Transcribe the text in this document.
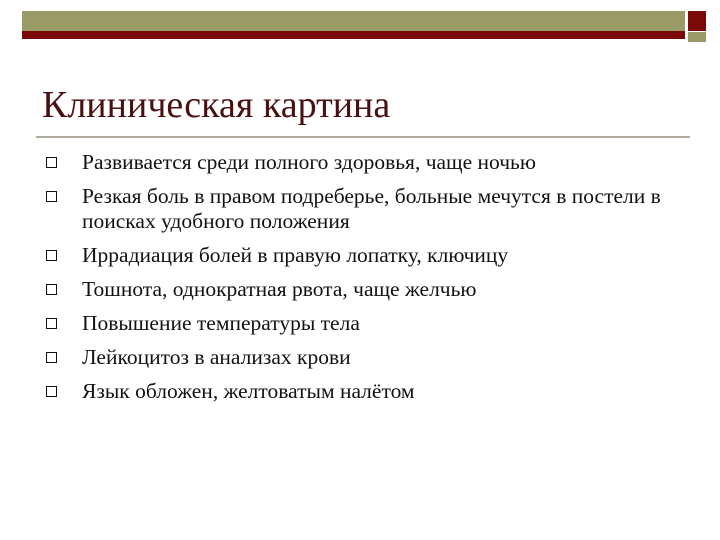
Клиническая картина
Развивается среди полного здоровья, чаще ночью
Резкая боль в правом подреберье, больные мечутся в постели в поисках удобного положения
Иррадиация болей в правую лопатку, ключицу
Тошнота, однократная рвота, чаще желчью
Повышение температуры тела
Лейкоцитоз в анализах крови
Язык обложен, желтоватым налётом
